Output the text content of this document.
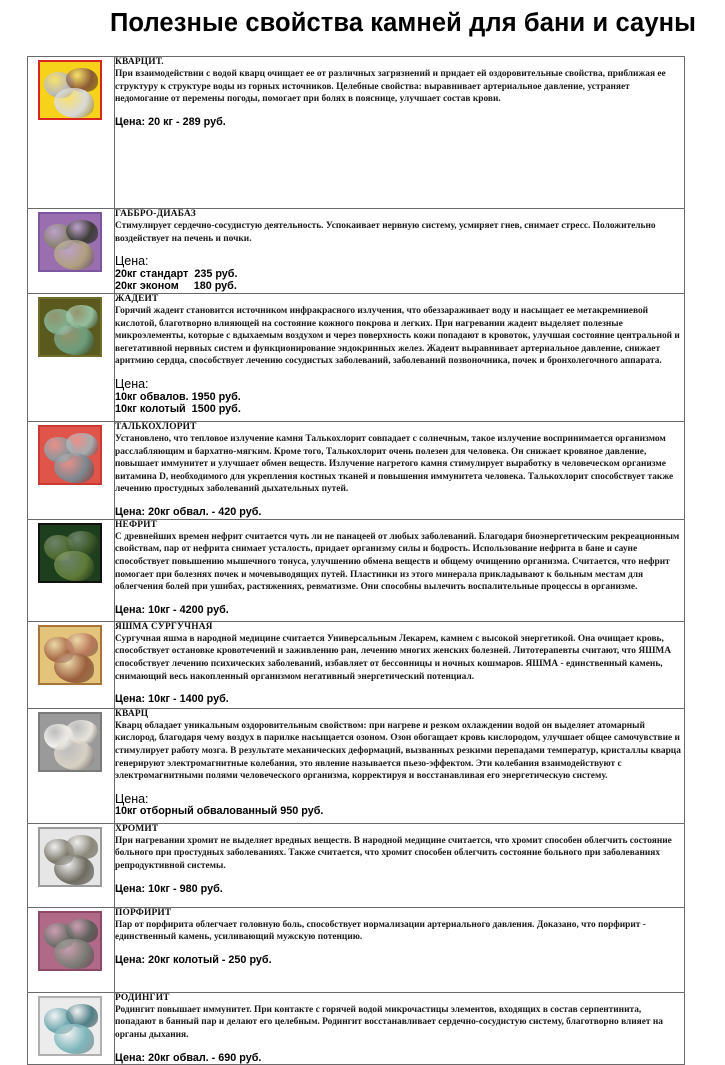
Полезные свойства камней для бани и сауны

	КВАРЦИТ.
При взаимодействии с водой кварц очищает ее от различных загрязнений и придает ей оздоровительные свойства, приближая ее структуру к структуре воды из горных источников. Целебные свойства: выравнивает артериальное давление, устраняет недомогание от перемены погоды, помогает при болях в пояснице, улучшает состав крови.
Цена: 20 кг - 289 руб.

	ГАББРО-ДИАБАЗ
Стимулирует сердечно-сосудистую деятельность. Успокаивает нервную систему, усмиряет гнев, снимает стресс. Положительно воздействует на печень и почки.
Цена:
20кг стандарт  235 руб.
20кг эконом     180 руб.

	ЖАДЕИТ
Горячий жадеит становится источником инфракрасного излучения, что обеззараживает воду и насыщает ее метакремниевой кислотой, благотворно влияющей на состояние кожного покрова и легких. При нагревании жадеит выделяет полезные микроэлементы, которые с вдыхаемым воздухом и через поверхность кожи попадают в кровоток, улучшая состояние центральной и вегетативной нервных систем и функционирование эндокринных желез. Жадеит выравнивает артериальное давление, снижает аритмию сердца, способствует лечению сосудистых заболеваний, заболеваний позвоночника, почек и бронхолегочного аппарата.
Цена:
10кг обвалов. 1950 руб.
10кг колотый  1500 руб.

	ТАЛЬКОХЛОРИТ
Установлено, что тепловое излучение камня Талькохлорит совпадает с солнечным, такое излучение воспринимается организмом расслабляющим и бархатно-мягким. Кроме того, Талькохлорит очень полезен для человека. Он снижает кровяное давление, повышает иммунитет и улучшает обмен веществ. Излучение нагретого камня стимулирует выработку в человеческом организме витамина D, необходимого для укрепления костных тканей и повышения иммунитета человека. Талькохлорит способствует также лечению простудных заболеваний дыхательных путей.
Цена: 20кг обвал. - 420 руб.

	НЕФРИТ
С древнейших времен нефрит считается чуть ли не панацеей от любых заболеваний. Благодаря биоэнергетическим рекреационным свойствам, пар от нефрита снимает усталость, придает организму силы и бодрость. Использование нефрита в бане и сауне способствует повышению мышечного тонуса, улучшению обмена веществ и общему очищению организма. Считается, что нефрит помогает при болезнях почек и мочевыводящих путей. Пластинки из этого минерала прикладывают к больным местам для облегчения болей при ушибах, растяжениях, ревматизме. Они способны вылечить воспалительные процессы в организме.
Цена: 10кг - 4200 руб.

	ЯШМА СУРГУЧНАЯ
Сургучная яшма в народной медицине считается Универсальным Лекарем, камнем с высокой энергетикой. Она очищает кровь, способствует остановке кровотечений и заживлению ран, лечению многих женских болезней. Литотерапевты считают, что ЯШМА способствует лечению психических заболеваний, избавляет от бессонницы и ночных кошмаров. ЯШМА - единственный камень, снимающий весь накопленный организмом негативный энергетический потенциал.
Цена: 10кг - 1400 руб.

	КВАРЦ
Кварц обладает уникальным оздоровительным свойством: при нагреве и резком охлаждении водой он выделяет атомарный кислород, благодаря чему воздух в парилке насыщается озоном. Озон обогащает кровь кислородом, улучшает общее самочувствие и стимулирует работу мозга. В результате механических деформаций, вызванных резкими перепадами температур, кристаллы кварца генерируют электромагнитные колебания, это явление называется пьезо-эффектом. Эти колебания взаимодействуют с электромагнитными полями человеческого организма, корректируя и восстанавливая его энергетическую систему.
Цена:
10кг отборный обвалованный 950 руб.

	ХРОМИТ
При нагревании хромит не выделяет вредных веществ. В народной медицине считается, что хромит способен облегчить состояние больного при простудных заболеваниях. Также считается, что хромит способен облегчить состояние больного при заболеваниях репродуктивной системы.
Цена: 10кг - 980 руб.

	ПОРФИРИТ
Пар от порфирита облегчает головную боль, способствует нормализации артериального давления. Доказано, что порфирит - единственный камень, усиливающий мужскую потенцию.
Цена: 20кг колотый - 250 руб.

	РОДИНГИТ
Родингит повышает иммунитет. При контакте с горячей водой микрочастицы элементов, входящих в состав серпентинита, попадают в банный пар и делают его целебным. Родингит восстанавливает сердечно-сосудистую систему, благотворно влияет на органы дыхания.
Цена: 20кг обвал. - 690 руб.
